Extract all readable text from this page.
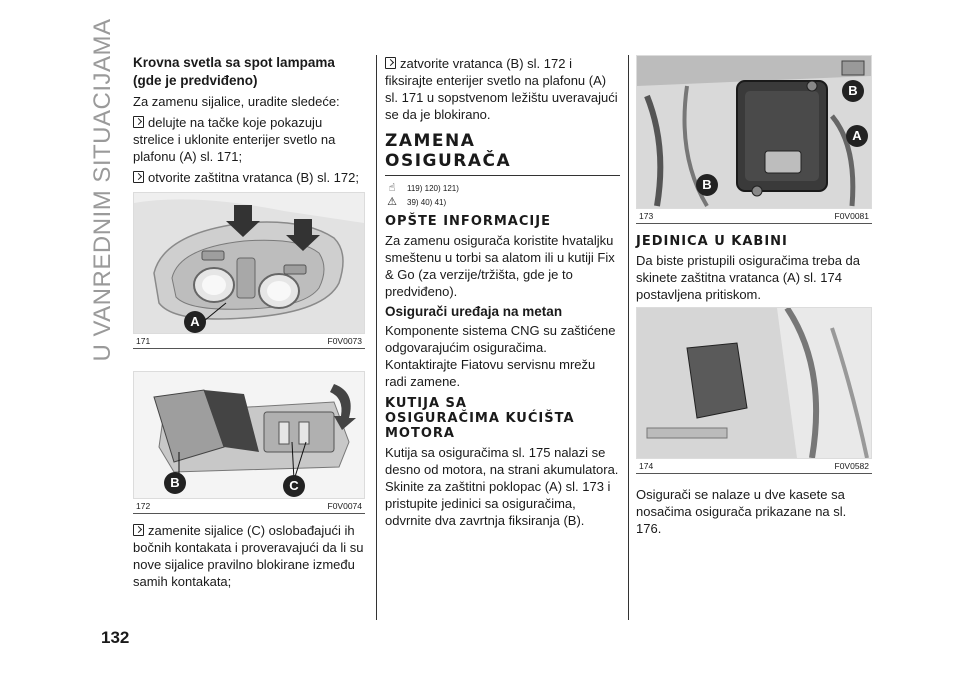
U VANREDNIM SITUACIJAMA Krovna svetla sa spot lampama
(gde je predviđeno)

Za zamenu sijalice, uradite sledeće:

delujte na tačke koje pokazuju strelice i uklonite enterijer svetlo na plafonu (A) sl. 171;

otvorite zaštitna vratanca (B) sl. 172;

A
171	F0V0073
B	C
172	F0V0074

zamenite sijalice (C) oslobađajući ih bočnih kontakata i proveravajući da li su nove sijalice pravilno blokirane između samih kontakata;

zatvorite vratanca (B) sl. 172 i fiksirajte enterijer svetlo na plafonu (A) sl. 171 u sopstvenom ležištu uveravajući se da je blokirano.

ZAMENA
OSIGURAČA
☝	119) 120) 121)
⚠ 39) 40) 41)
OPŠTE INFORMACIJE

Za zamenu osigurača koristite hvataljku smeštenu u torbi sa alatom ili u kutiji Fix & Go (za verzije/tržišta, gde je to predviđeno).

Osigurači uređaja na metan

Komponente sistema CNG su zaštićene odgovarajućim osiguračima. Kontaktirajte Fiatovu servisnu mrežu radi zamene.

KUTIJA SA
OSIGURAČIMA KUĆIŠTA
MOTORA

Kutija sa osiguračima sl. 175 nalazi se desno od motora, na strani akumulatora. Skinite za zaštitni poklopac (A) sl. 173 i pristupite jedinici sa osiguračima, odvrnite dva zavrtnja fiksiranja (B).

B
A
B
173	F0V0081
JEDINICA U KABINI

Da biste pristupili osiguračima treba da skinete zaštitna vratanca (A) sl. 174 postavljena pritiskom.

174	F0V0582

Osigurači se nalaze u dve kasete sa nosačima osigurača prikazane na sl. 176.

132
